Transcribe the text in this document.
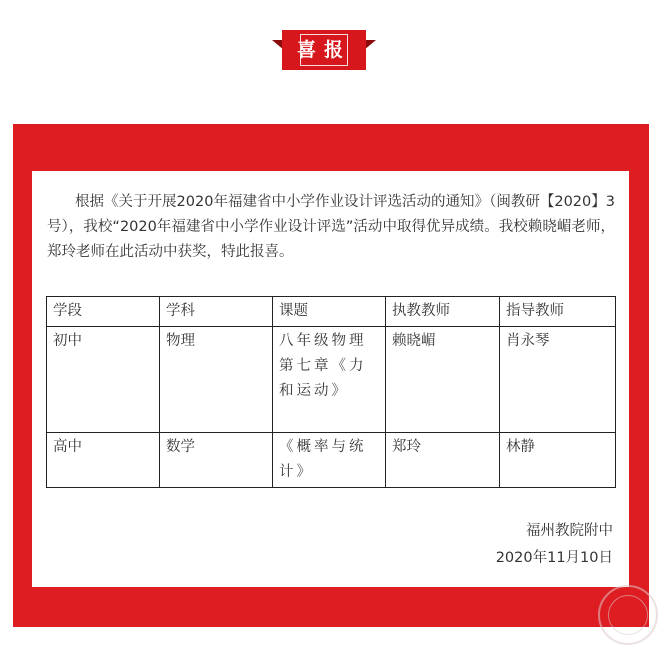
喜报
根据《关于开展2020年福建省中小学作业设计评选活动的通知》（闽教研【2020】3号），我校“2020年福建省中小学作业设计评选”活动中取得优异成绩。我校赖晓嵋老师，郑玲老师在此活动中获奖，特此报喜。
学段	学科	课题	执教教师	指导教师
初中	物理	八年级物理 第七章《力和运动》	赖晓嵋	肖永琴
高中	数学	《概率与统计》	郑玲	林静
福州教院附中
2020年11月10日
